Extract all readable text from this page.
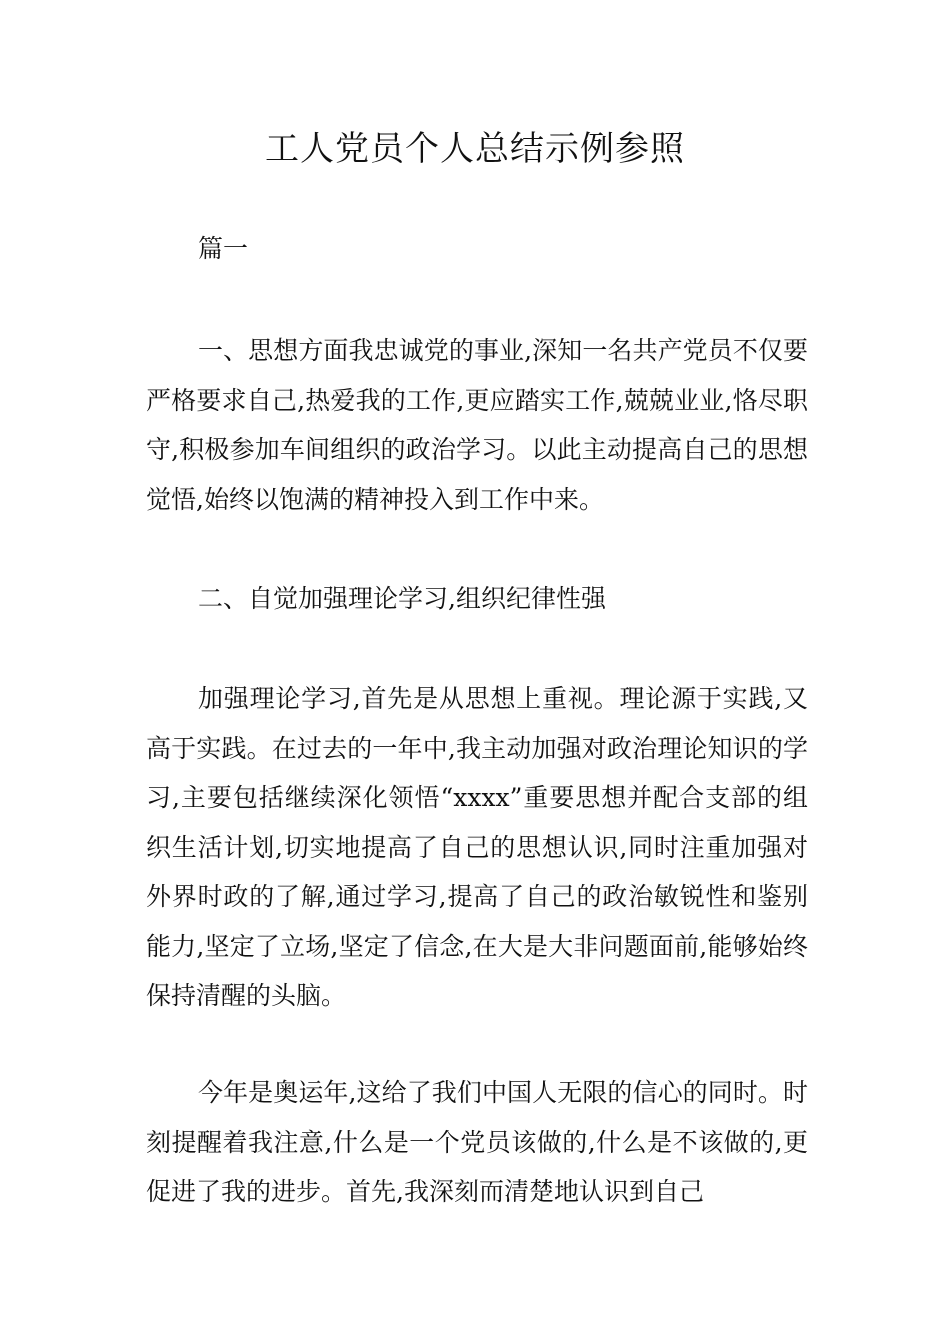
工人党员个人总结示例参照

篇一

一、思想方面我忠诚党的事业,深知一名共产党员不仅要严格要求自己,热爱我的工作,更应踏实工作,兢兢业业,恪尽职守,积极参加车间组织的政治学习。以此主动提高自己的思想觉悟,始终以饱满的精神投入到工作中来。

二、自觉加强理论学习,组织纪律性强

加强理论学习,首先是从思想上重视。理论源于实践,又高于实践。在过去的一年中,我主动加强对政治理论知识的学习,主要包括继续深化领悟“xxxx”重要思想并配合支部的组织生活计划,切实地提高了自己的思想认识,同时注重加强对外界时政的了解,通过学习,提高了自己的政治敏锐性和鉴别能力,坚定了立场,坚定了信念,在大是大非问题面前,能够始终保持清醒的头脑。

今年是奥运年,这给了我们中国人无限的信心的同时。时刻提醒着我注意,什么是一个党员该做的,什么是不该做的,更促进了我的进步。首先,我深刻而清楚地认识到自己
